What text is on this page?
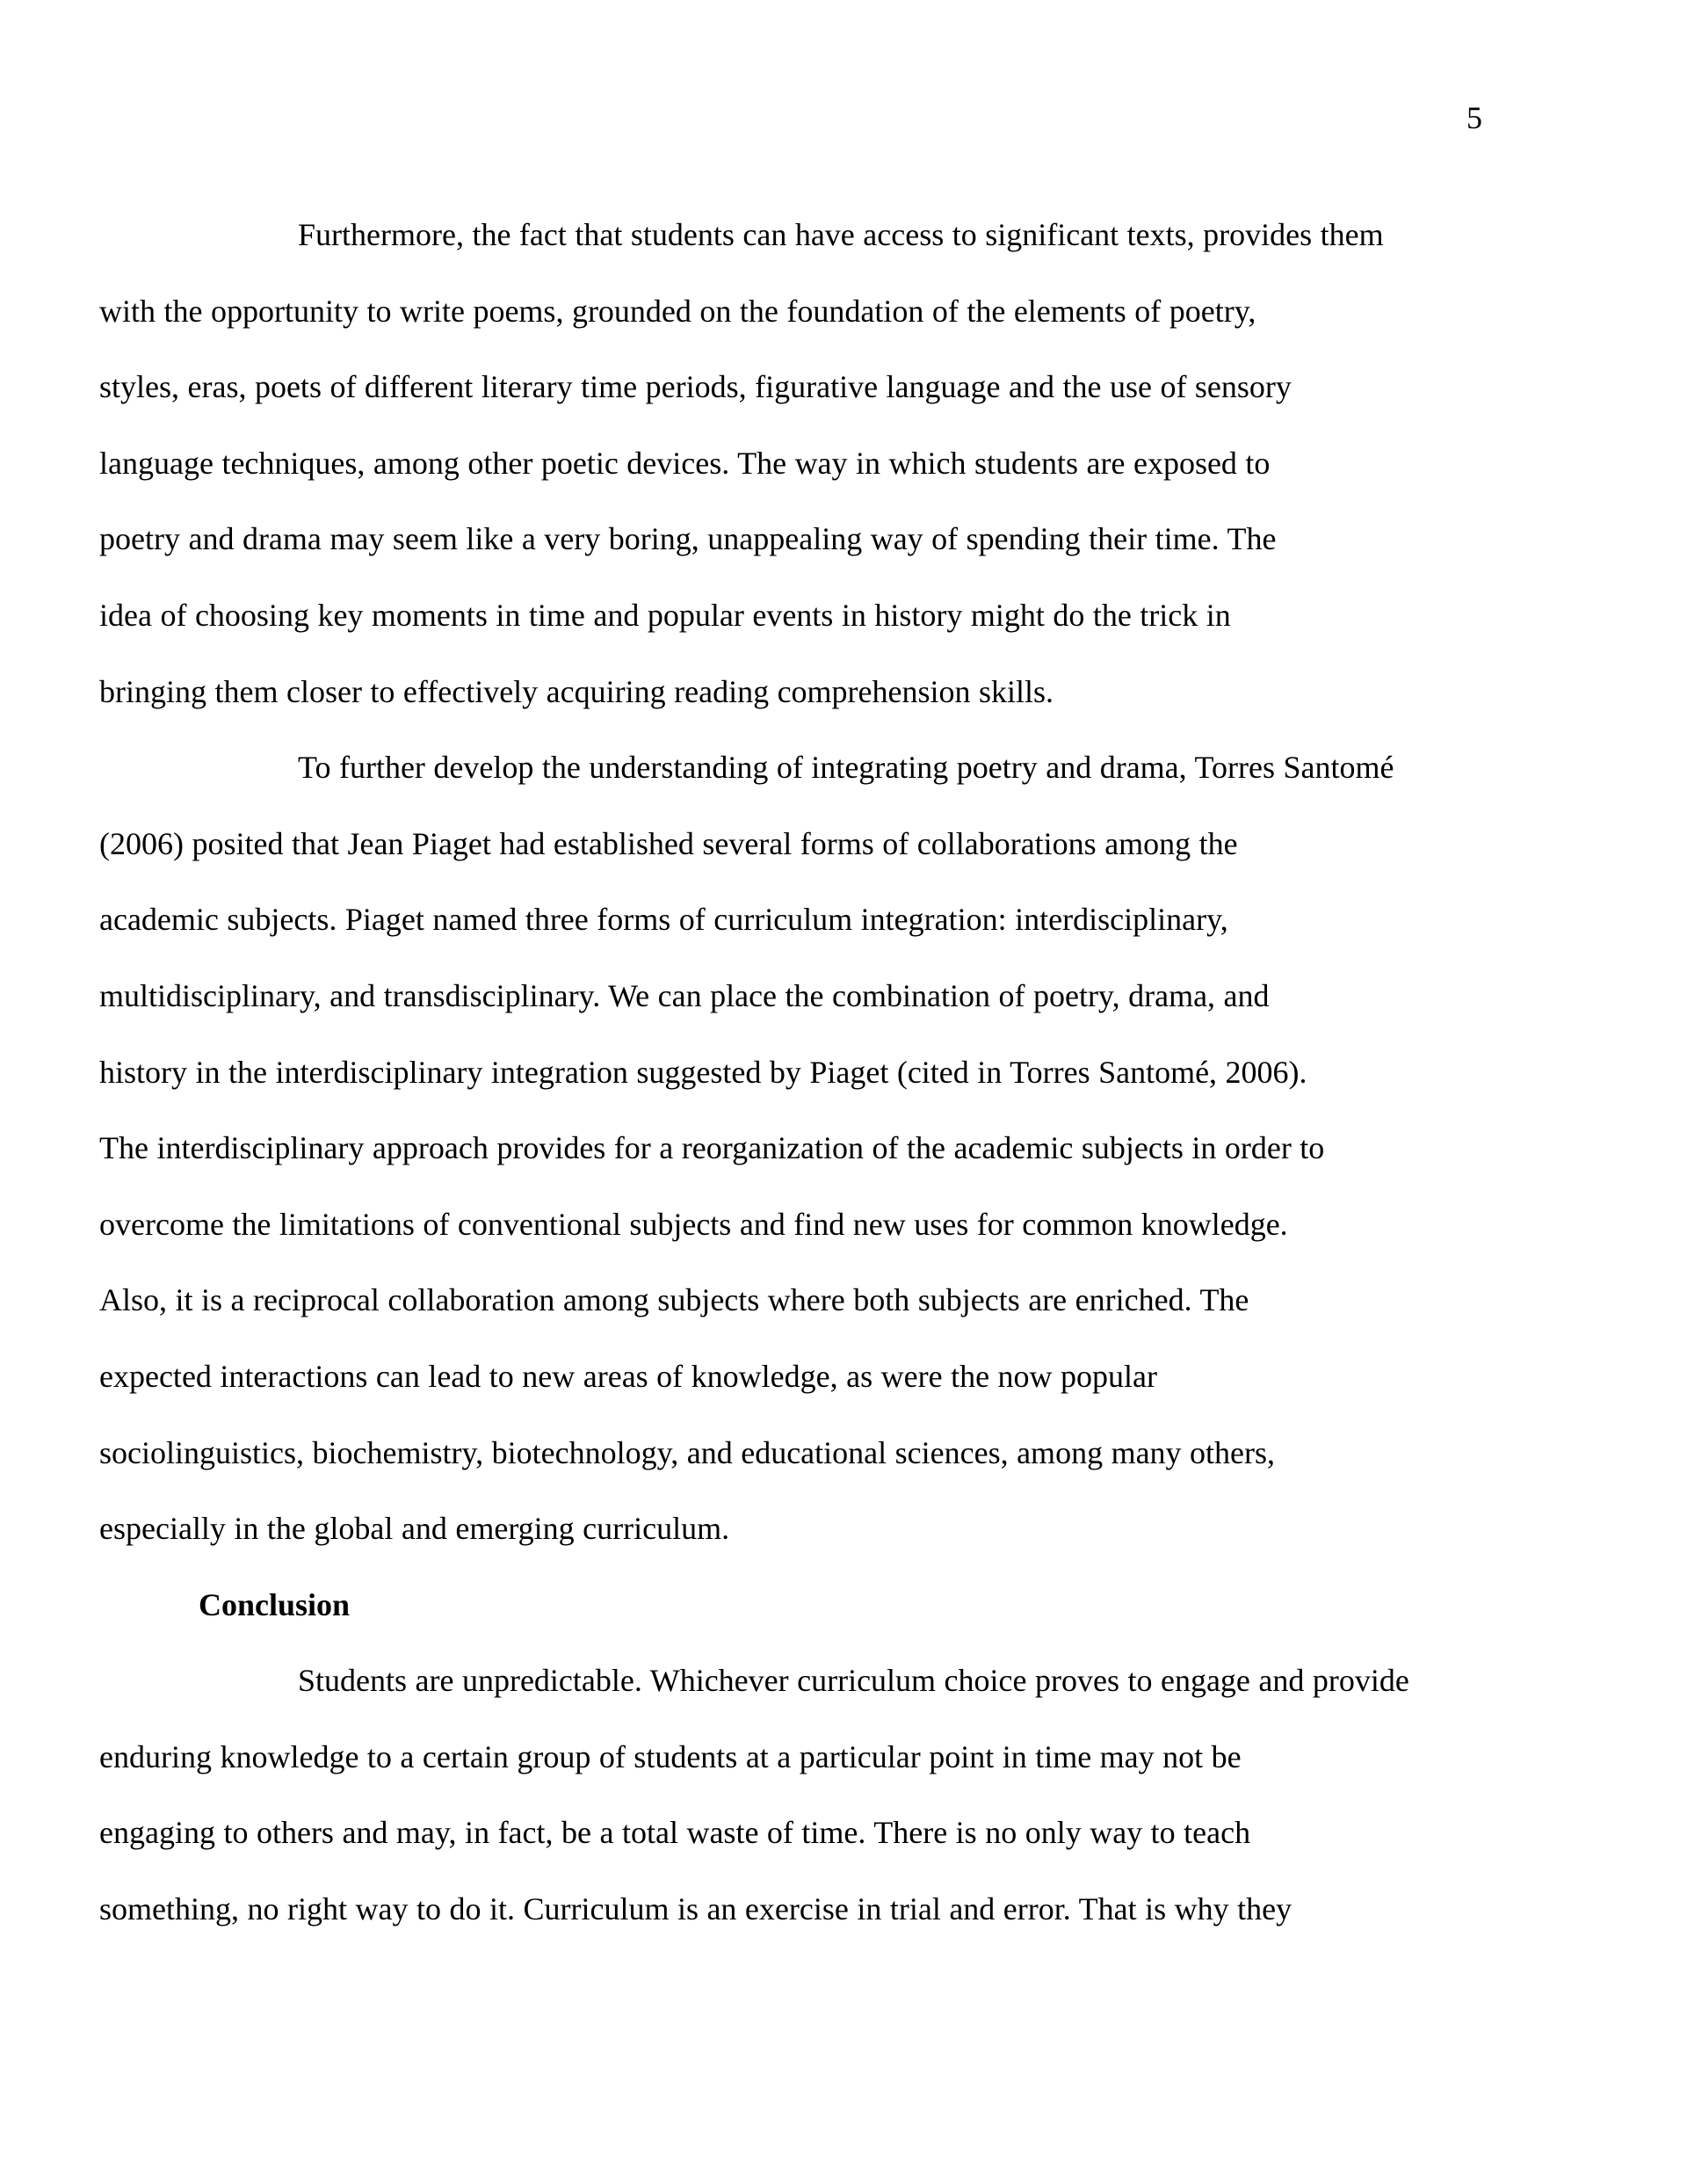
5

Furthermore, the fact that students can have access to significant texts, provides them
with the opportunity to write poems, grounded on the foundation of the elements of poetry,
styles, eras, poets of different literary time periods, figurative language and the use of sensory
language techniques, among other poetic devices. The way in which students are exposed to
poetry and drama may seem like a very boring, unappealing way of spending their time. The
idea of choosing key moments in time and popular events in history might do the trick in
bringing them closer to effectively acquiring reading comprehension skills.

To further develop the understanding of integrating poetry and drama, Torres Santomé
(2006) posited that Jean Piaget had established several forms of collaborations among the
academic subjects. Piaget named three forms of curriculum integration: interdisciplinary,
multidisciplinary, and transdisciplinary. We can place the combination of poetry, drama, and
history in the interdisciplinary integration suggested by Piaget (cited in Torres Santomé, 2006).
The interdisciplinary approach provides for a reorganization of the academic subjects in order to
overcome the limitations of conventional subjects and find new uses for common knowledge.
Also, it is a reciprocal collaboration among subjects where both subjects are enriched. The
expected interactions can lead to new areas of knowledge, as were the now popular
sociolinguistics, biochemistry, biotechnology, and educational sciences, among many others,
especially in the global and emerging curriculum.

Conclusion

Students are unpredictable. Whichever curriculum choice proves to engage and provide
enduring knowledge to a certain group of students at a particular point in time may not be
engaging to others and may, in fact, be a total waste of time. There is no only way to teach
something, no right way to do it. Curriculum is an exercise in trial and error. That is why they
